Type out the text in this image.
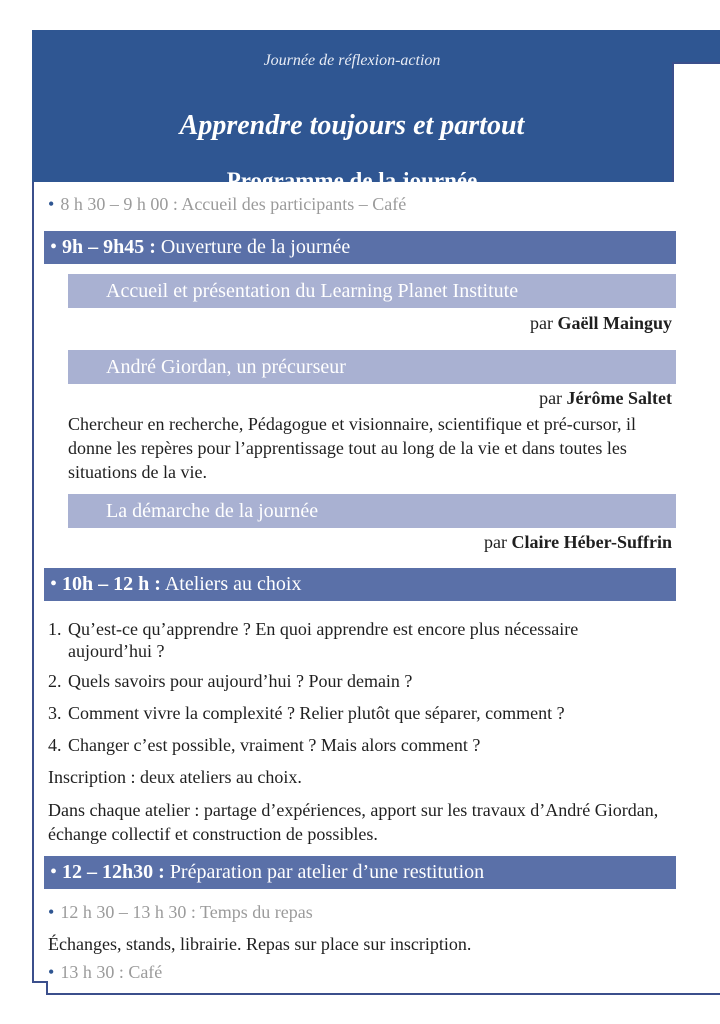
Journée de réflexion-action
Apprendre toujours et partout
Programme de la journée
• 8 h 30 – 9 h 00 : Accueil des participants – Café
• 9h – 9h45 : Ouverture de la journée
Accueil et présentation du Learning Planet Institute
par Gaëll Mainguy
André Giordan, un précurseur
par Jérôme Saltet
Chercheur en recherche, Pédagogue et visionnaire, scientifique et pré-cursor, il donne les repères pour l’apprentissage tout au long de la vie et dans toutes les situations de la vie.
La démarche de la journée
par Claire Héber-Suffrin
• 10h – 12 h : Ateliers au choix
1. Qu’est-ce qu’apprendre ? En quoi apprendre est encore plus nécessaire
aujourd’hui ?
2. Quels savoirs pour aujourd’hui ? Pour demain ?
3. Comment vivre la complexité ? Relier plutôt que séparer, comment ?
4. Changer c’est possible, vraiment ? Mais alors comment ?
Inscription : deux ateliers au choix.
Dans chaque atelier : partage d’expériences, apport sur les travaux d’André Giordan, échange collectif et construction de possibles.
• 12 – 12h30 : Préparation par atelier d’une restitution
• 12 h 30 – 13 h 30 : Temps du repas
Échanges, stands, librairie. Repas sur place sur inscription.
• 13 h 30 : Café
